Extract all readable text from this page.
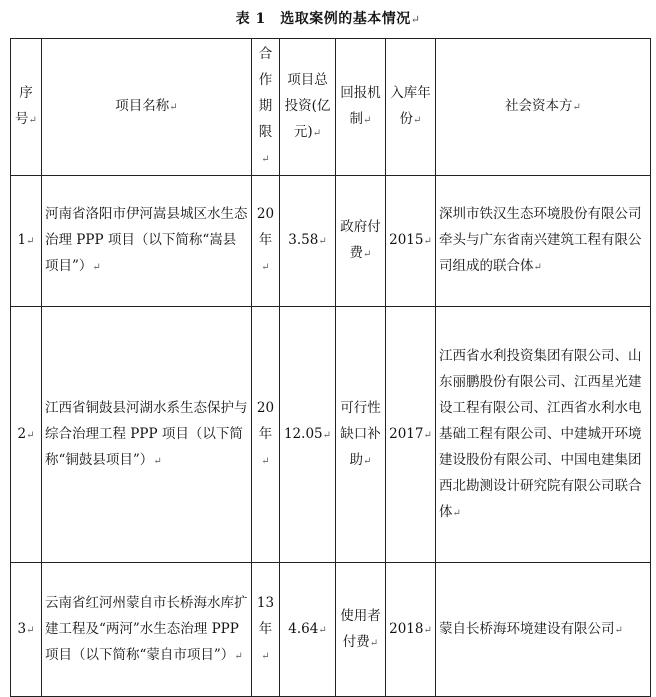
表 1　选取案例的基本情况↵
序号↵	项目名称↵	合作期限↵	项目总投资(亿元)↵	回报机制↵	入库年份↵	社会资本方↵
1↵	河南省洛阳市伊河嵩县城区水生态治理 PPP 项目（以下简称“嵩县项目”）↵	20年↵	3.58↵	政府付费↵	2015↵	深圳市铁汉生态环境股份有限公司牵头与广东省南兴建筑工程有限公司组成的联合体↵
2↵	江西省铜鼓县河湖水系生态保护与综合治理工程 PPP 项目（以下简称“铜鼓县项目”）↵	20年↵	12.05↵	可行性缺口补助↵	2017↵	江西省水利投资集团有限公司、山东丽鹏股份有限公司、江西星光建设工程有限公司、江西省水利水电基础工程有限公司、中建城开环境建设股份有限公司、中国电建集团西北勘测设计研究院有限公司联合体↵
3↵	云南省红河州蒙自市长桥海水库扩建工程及“两河”水生态治理 PPP 项目（以下简称“蒙自市项目”）↵	13年↵	4.64↵	使用者付费↵	2018↵	蒙自长桥海环境建设有限公司↵
